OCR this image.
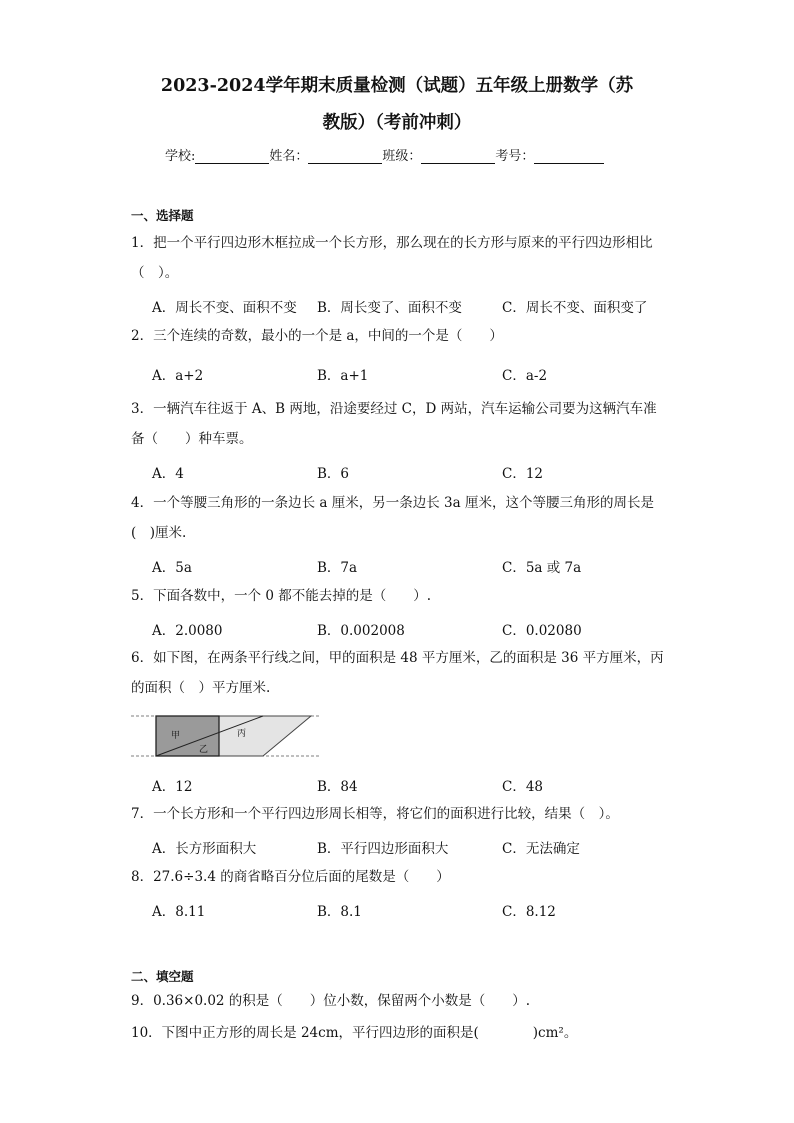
2023-2024学年期末质量检测（试题）五年级上册数学（苏
教版）（考前冲刺）
学校:	姓名：	班级：	考号：
一、选择题
1．把一个平行四边形木框拉成一个长方形，那么现在的长方形与原来的平行四边形相比（　）。
A．周长不变、面积不变 B．周长变了、面积不变	C．周长不变、面积变了
2．三个连续的奇数，最小的一个是 a，中间的一个是（　　）
A．a+2	B．a+1	C．a-2
3．一辆汽车往返于 A、B 两地，沿途要经过 C，D 两站，汽车运输公司要为这辆汽车准备（　　）种车票。
A．4	B．6	C．12
4．一个等腰三角形的一条边长 a 厘米，另一条边长 3a 厘米，这个等腰三角形的周长是(　)厘米.
A．5a	B．7a	C．5a 或 7a
5．下面各数中，一个 0 都不能去掉的是（　　）.
A．2.0080	B．0.002008	C．0.02080
6．如下图，在两条平行线之间，甲的面积是 48 平方厘米，乙的面积是 36 平方厘米，丙的面积（　）平方厘米.
甲
乙
丙
A．12	B．84	C．48
7．一个长方形和一个平行四边形周长相等，将它们的面积进行比较，结果（　）。
A．长方形面积大	B．平行四边形面积大	C．无法确定
8．27.6÷3.4 的商省略百分位后面的尾数是（　　）
A．8.11	B．8.1	C．8.12
二、填空题
9．0.36×0.02 的积是（　　）位小数，保留两个小数是（　　）.
10．下图中正方形的周长是 24cm，平行四边形的面积是(　　　　)cm²。
